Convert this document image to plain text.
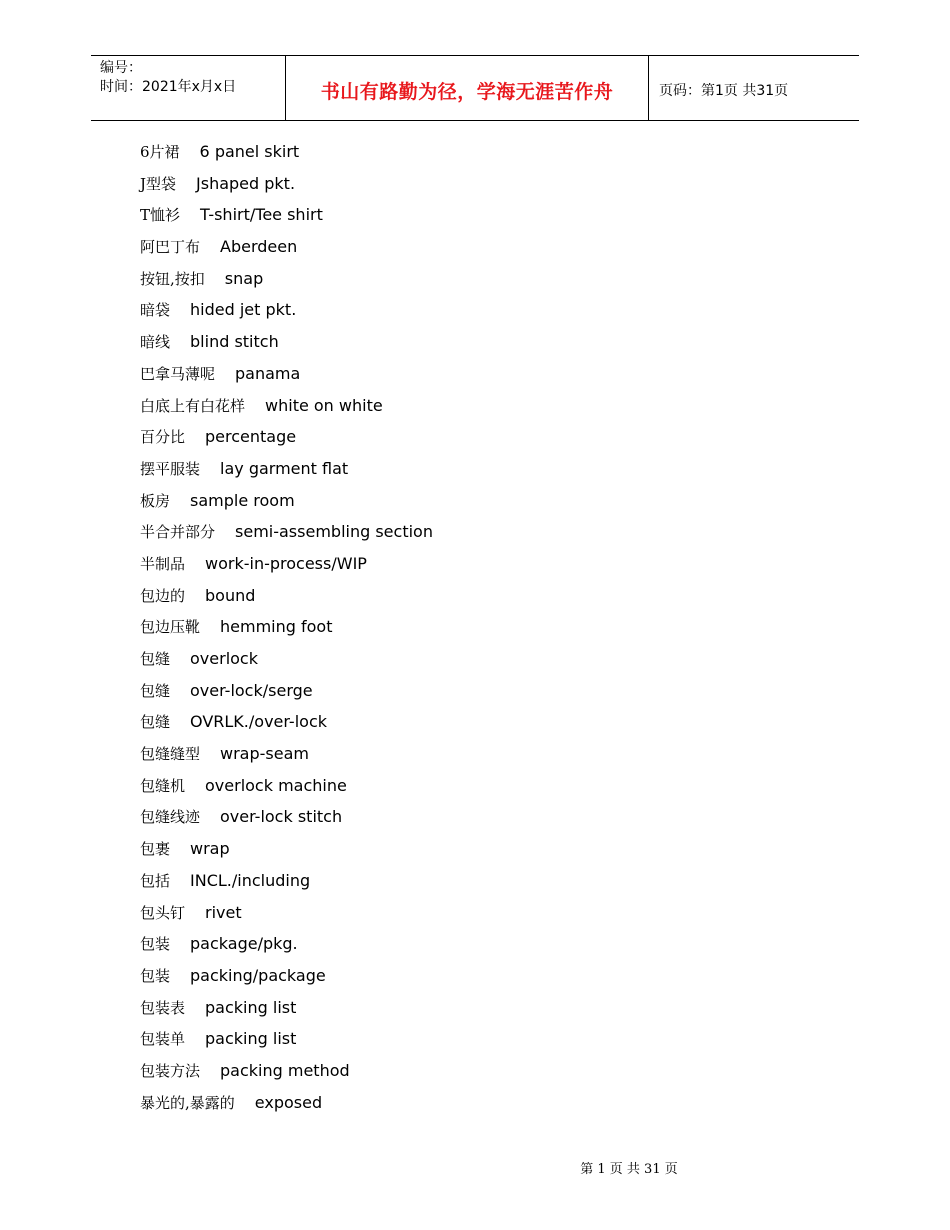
编号：
时间：2021年x月x日	书山有路勤为径，学海无涯苦作舟	页码：第1页 共31页
6片裙 6 panel skirt
J型袋 Jshaped pkt.
T恤衫 T-shirt/Tee shirt
阿巴丁布 Aberdeen
按钮,按扣 snap
暗袋 hided jet pkt.
暗线 blind stitch
巴拿马薄呢 panama
白底上有白花样 white on white
百分比 percentage
摆平服装 lay garment flat
板房 sample room
半合并部分 semi-assembling section
半制品 work-in-process/WIP
包边的 bound
包边压靴 hemming foot
包缝 overlock
包缝 over-lock/serge
包缝 OVRLK./over-lock
包缝缝型 wrap-seam
包缝机 overlock machine
包缝线迹 over-lock stitch
包裹 wrap
包括 INCL./including
包头钉 rivet
包装 package/pkg.
包装 packing/package
包装表 packing list
包装单 packing list
包装方法 packing method
暴光的,暴露的 exposed
第 1 页 共 31 页
